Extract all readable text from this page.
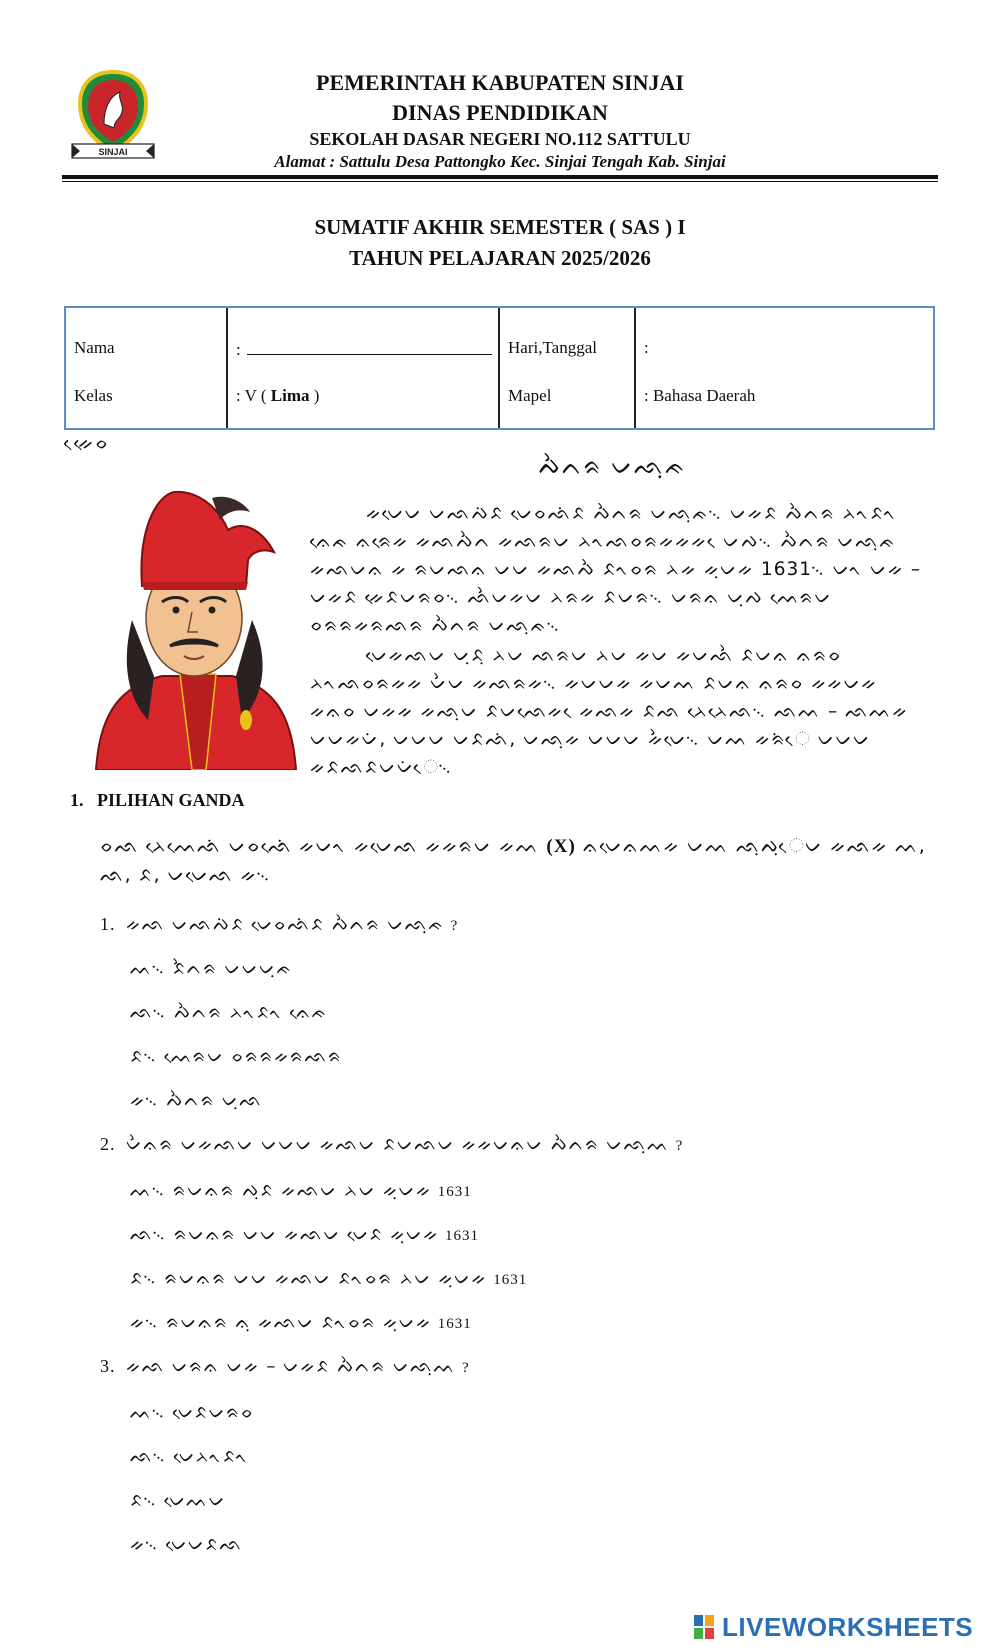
SINJAI
PEMERINTAH KABUPATEN SINJAI
DINAS PENDIDIKAN
SEKOLAH DASAR NEGERI NO.112 SATTULU
Alamat : Sattulu Desa Pattongko Kec. Sinjai Tengah Kab. Sinjai
SUMATIF AKHIR SEMESTER ( SAS ) I
TAHUN PELAJARAN 2025/2026
Nama	:
Kelas	: V ( Lima )
Hari,Tanggal	:
Mapel	: Bahasa Daerah
ᨀᨙᨙᨔ
ᨄᨛᨈᨑ ᨆᨒᨘᨃ
ᨀᨆᨙᨆ ᨆᨒᨄᨗᨅ ᨆᨙᨔᨒᨗᨅ ᨄᨛᨈᨑ ᨆᨒᨘᨃ᨞ ᨆᨀᨅ ᨄᨛᨈᨑ ᨂᨚᨅᨚ ᨊᨙᨃ ᨊᨑᨙᨀ ᨀᨒᨄᨛᨈ ᨀᨒᨑᨆ ᨂᨚᨒᨔᨑᨀᨀᨀ ᨙᨆᨄ᨞ ᨄᨛᨈᨑ ᨆᨒᨘᨃ ᨀᨒᨆᨊ ᨀ ᨑᨆᨒᨊ ᨆᨆ ᨀᨒᨄᨛ ᨅᨚᨔᨑ ᨂᨀ ᨀᨘᨆᨀ 1631᨞ ᨆᨚ ᨆᨀ – ᨆᨀᨅ ᨀᨙᨅᨆᨑᨔ᨞ ᨒᨛᨆᨀᨆ ᨂᨑᨀ ᨅᨆᨑ᨞ ᨆᨑᨊ ᨆᨘᨄ ᨓᨙᨑᨆ ᨔᨑᨑᨀᨑᨒᨑ ᨄᨛᨈᨑ ᨆᨒᨘᨃ᨞
ᨆᨙᨀᨒᨆ ᨆᨘᨅᨘ ᨂᨆ ᨒᨑᨆ ᨂᨆ ᨀᨆ ᨀᨆᨒᨛ ᨅᨆᨊ ᨊᨑᨔ ᨂᨚᨒᨔᨑᨀᨀ ᨆᨛᨆ ᨀᨒᨑᨀ᨞ ᨀᨆᨆᨀ ᨀᨆᨓ ᨅᨆᨊ ᨊᨑᨔ ᨀᨀᨆᨀ ᨀᨊᨔ ᨆᨀᨀ ᨀᨒᨘᨆ ᨅᨆᨒᨙᨀ ᨙᨀᨒᨀ ᨅᨒ ᨂᨙᨂᨙᨒ᨞ ᨒᨓ – ᨒᨓᨀ ᨆᨆᨀᨆᨗ, ᨆᨆᨆ ᨆᨅᨒᨗ, ᨆᨒᨘᨀ ᨆᨆᨆ ᨀᨛᨆᨙ᨞ ᨆᨓ ᨀᨑᨗᨙ ᨆᨆᨆ ᨀᨅᨒᨅᨆᨆᨗᨙ᨞
1. PILIHAN GANDA
ᨔᨒ ᨂᨙᨓᨙᨒᨗ ᨆᨔᨒᨙᨗ ᨀᨆᨚ ᨀᨆᨙᨒ ᨀᨀᨑᨆ ᨀᨓ (X) ᨊᨆᨙᨊᨓᨀ ᨆᨓ ᨒᨘᨄᨘᨙᨆ ᨀᨒᨀ ᨓ, ᨒ, ᨅ, ᨆᨆᨙᨒ ᨀ᨞
1. ᨀᨒ ᨆᨒᨄᨗᨅ ᨆᨙᨔᨒᨗᨅ ᨄᨛᨈᨑ ᨆᨒᨘᨃ ?
ᨓ᨞ ᨅᨛᨈᨑ ᨆᨆᨆᨘᨃ
ᨒ᨞ ᨄᨛᨈᨑ ᨂᨚᨅᨚ ᨊᨙᨃ
ᨅ᨞ ᨓᨙᨑᨆ ᨔᨑᨑᨀᨑᨒᨑ
ᨀ᨞ ᨄᨛᨈᨑ ᨆᨘᨒ
2. ᨆᨛᨊᨑ ᨆᨀᨒᨆ ᨆᨆᨆ ᨀᨒᨆ ᨅᨆᨒᨆ ᨀᨀᨆᨊᨆ ᨄᨛᨈᨑ ᨆᨒᨘᨓ ?
ᨓ᨞ ᨑᨆᨊᨑ ᨄᨘᨅ ᨀᨒᨆ ᨂᨆ ᨀᨘᨆᨀ 1631
ᨒ᨞ ᨑᨆᨊᨑ ᨆᨆ ᨀᨒᨆ ᨆᨙᨅ ᨀᨘᨆᨀ 1631
ᨅ᨞ ᨑᨆᨊᨑ ᨆᨆ ᨀᨒᨆ ᨅᨚᨔᨑ ᨂᨆ ᨀᨘᨆᨀ 1631
ᨀ᨞ ᨑᨆᨊᨑ ᨊᨘ ᨀᨒᨆ ᨅᨚᨔᨑ ᨀᨘᨆᨀ 1631
3. ᨀᨒ ᨆᨑᨊ ᨆᨀ – ᨆᨀᨅ ᨄᨛᨈᨑ ᨆᨒᨘᨓ ?
ᨓ᨞ ᨆᨙᨅᨆᨑᨔ
ᨒ᨞ ᨆᨙᨂᨚᨅᨚ
ᨅ᨞ ᨆᨙᨓᨆ
ᨀ᨞ ᨆᨙᨆᨅᨒ
LIVEWORKSHEETS
